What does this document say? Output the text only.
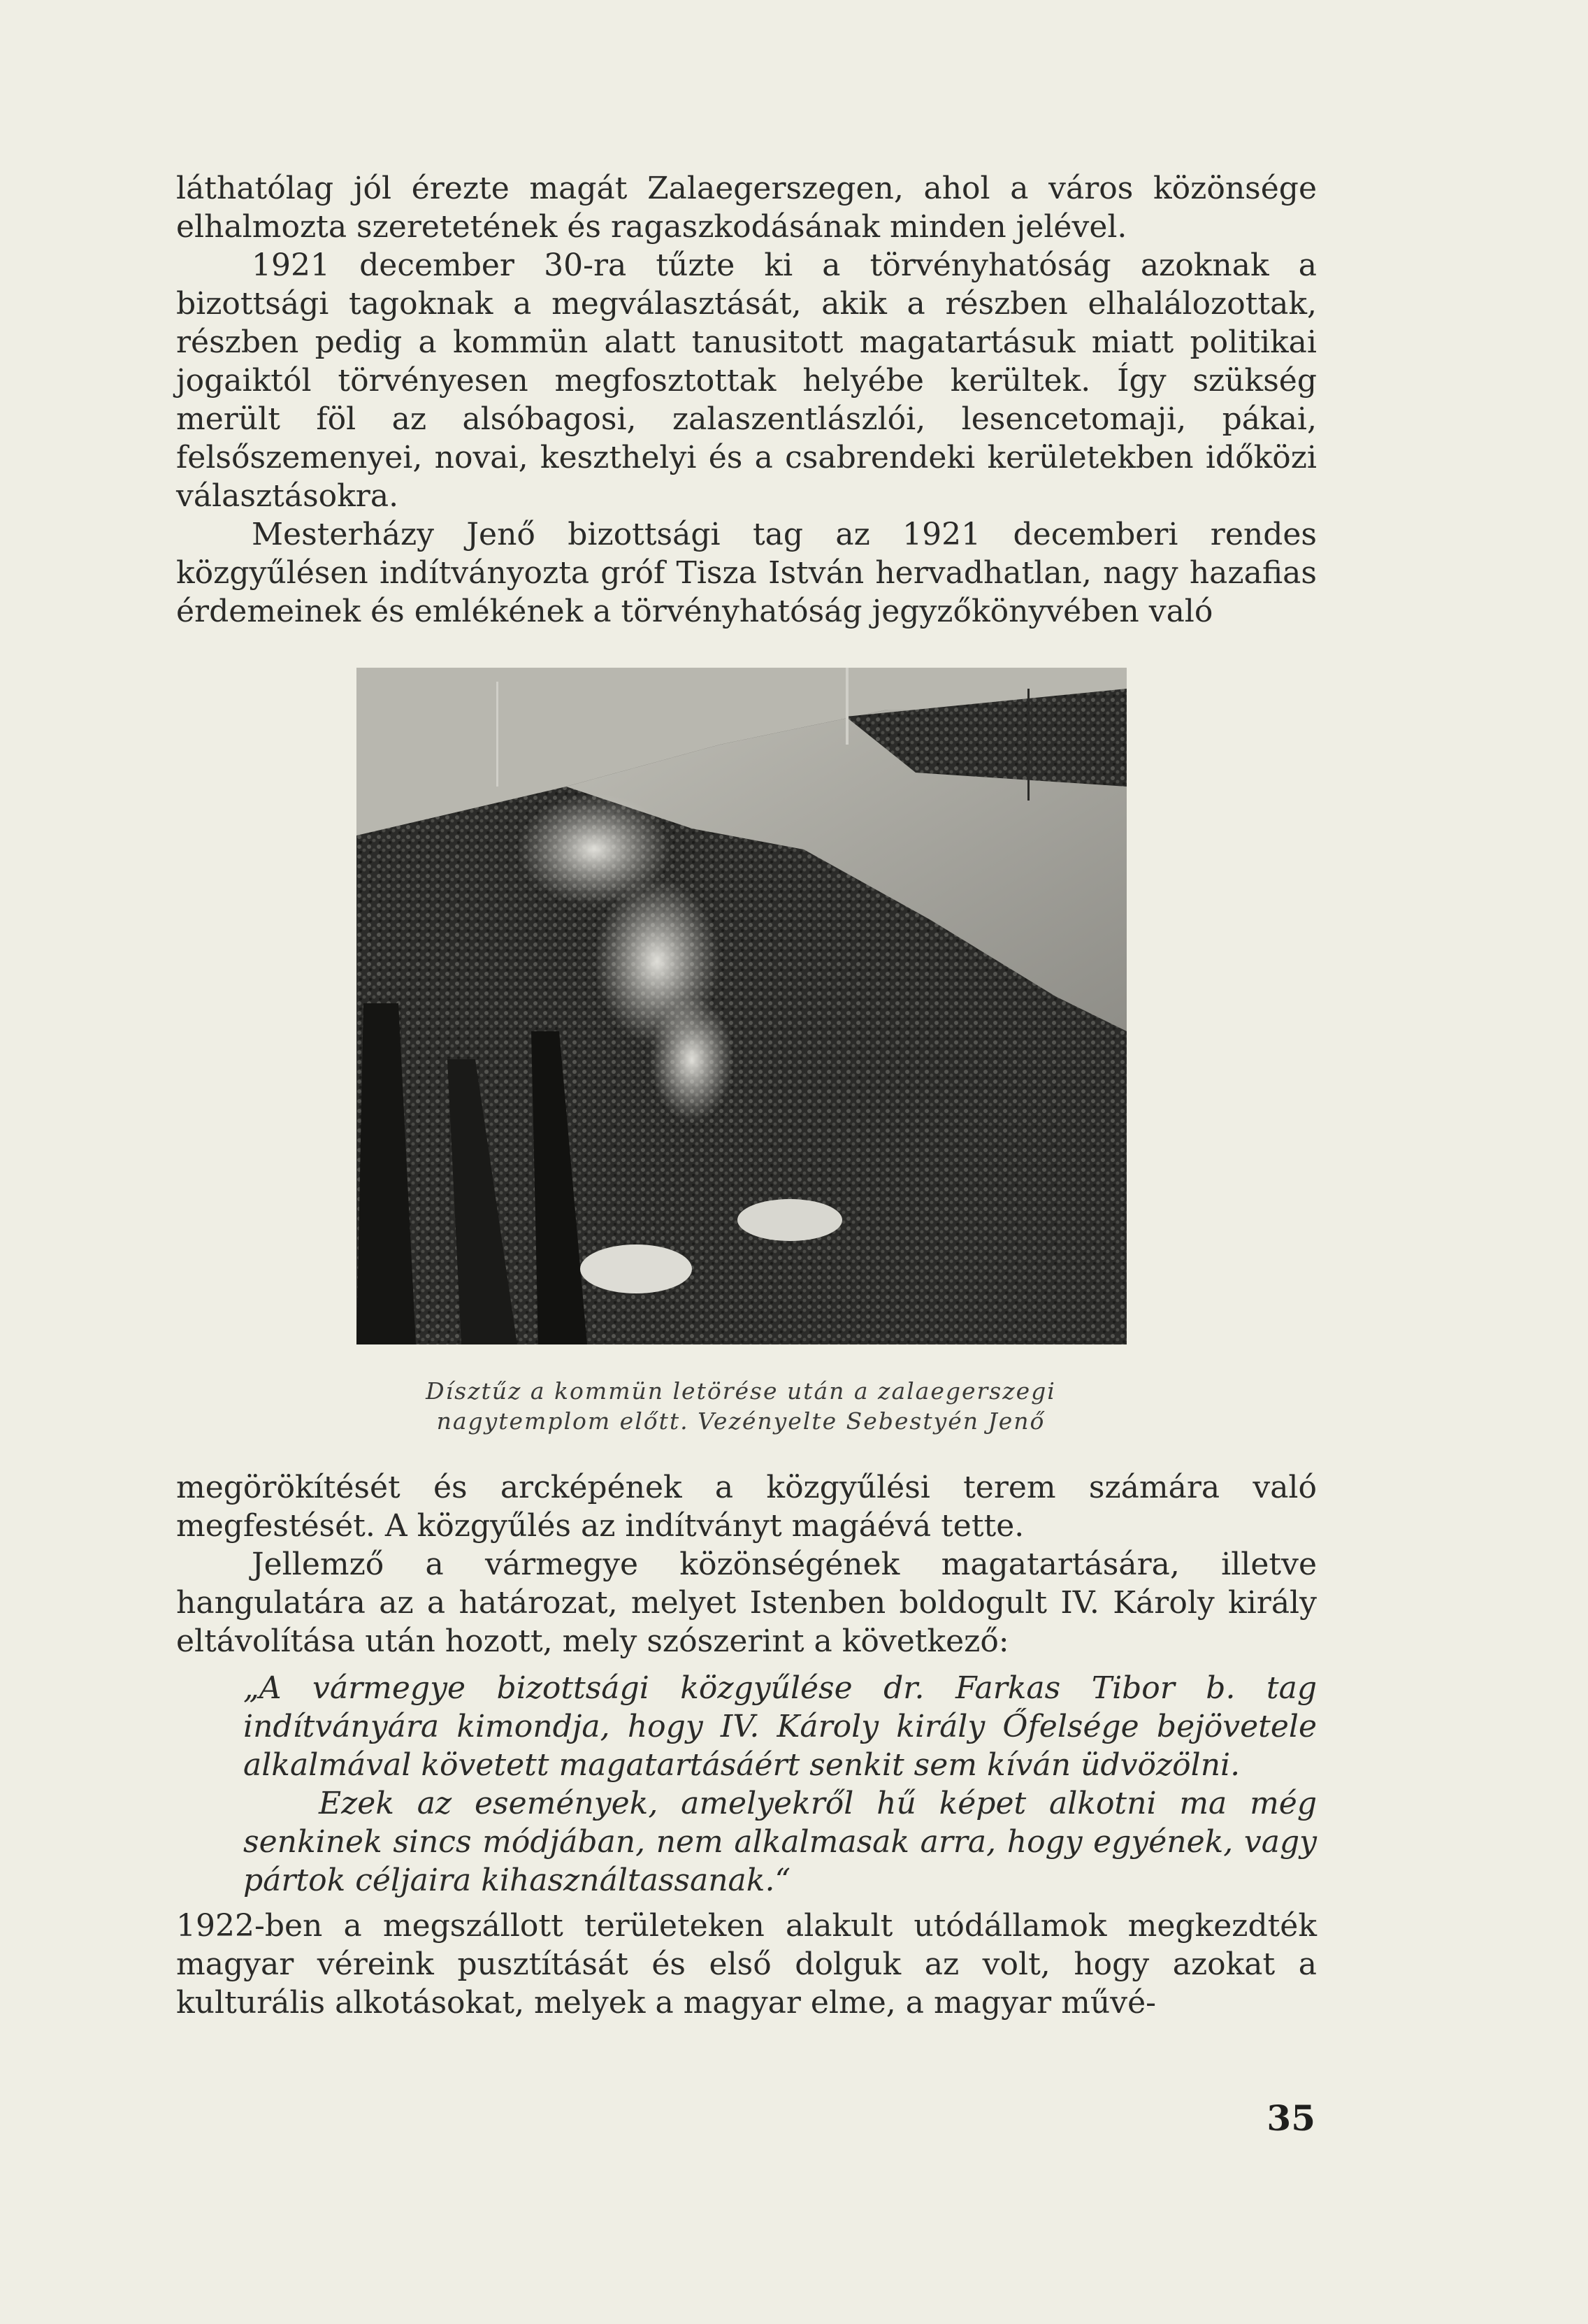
láthatólag jól érezte magát Zalaegerszegen, ahol a város közönsége elhalmozta szeretetének és ragaszkodásának minden jelével.

1921 december 30-ra tűzte ki a törvényhatóság azoknak a bizottsági tagoknak a megválasztását, akik a részben elhalálozottak, részben pedig a kommün alatt tanusitott magatartásuk miatt politikai jogaiktól törvényesen megfosztottak helyébe kerültek. Így szükség merült föl az alsóbagosi, zalaszentlászlói, lesencetomaji, pákai, felsőszemenyei, novai, keszthelyi és a csabrendeki kerületekben időközi választásokra.

Mesterházy Jenő bizottsági tag az 1921 decemberi rendes közgyűlésen indítványozta gróf Tisza István hervadhatlan, nagy hazafias érdemeinek és emlékének a törvényhatóság jegyzőkönyvében való

Dísztűz a kommün letörése után a zalaegerszegi
nagytemplom előtt. Vezényelte Sebestyén Jenő

megörökítését és arcképének a közgyűlési terem számára való megfestését. A közgyűlés az indítványt magáévá tette.

Jellemző a vármegye közönségének magatartására, illetve hangulatára az a határozat, melyet Istenben boldogult IV. Károly király eltávolítása után hozott, mely szószerint a következő:

„A vármegye bizottsági közgyűlése dr. Farkas Tibor b. tag indítványára kimondja, hogy IV. Károly király Őfelsége bejövetele alkalmával követett magatartásáért senkit sem kíván üdvözölni.

Ezek az események, amelyekről hű képet alkotni ma még senkinek sincs módjában, nem alkalmasak arra, hogy egyének, vagy pártok céljaira kihasználtassanak.“

1922-ben a megszállott területeken alakult utódállamok megkezdték magyar véreink pusztítását és első dolguk az volt, hogy azokat a kulturális alkotásokat, melyek a magyar elme, a magyar művé-

35
